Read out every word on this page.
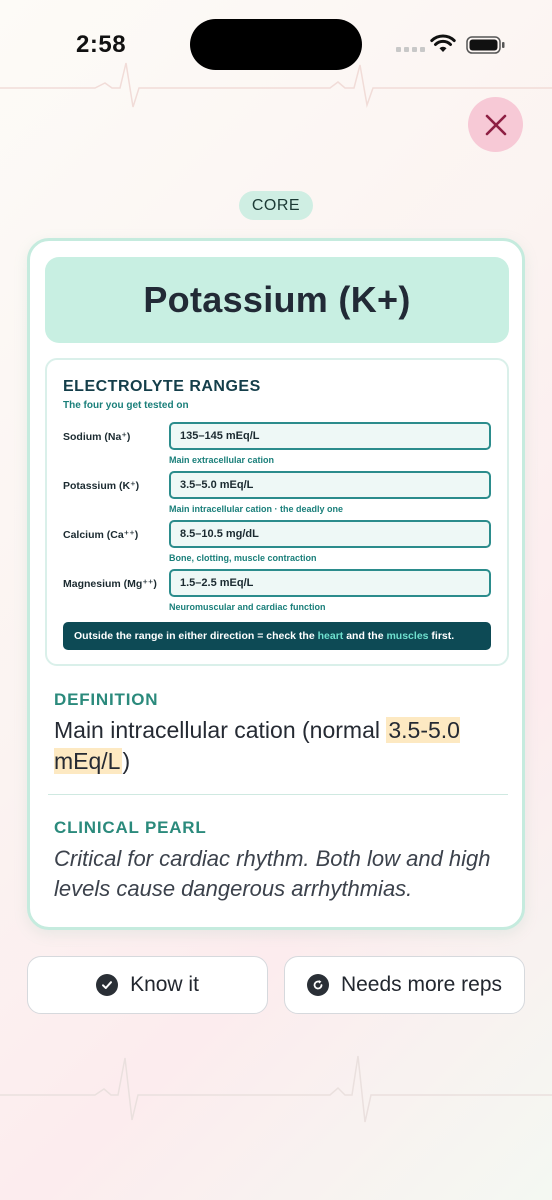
2:58
CORE
Potassium (K+)
ELECTROLYTE RANGES
The four you get tested on
Sodium (Na⁺)	135–145 mEq/L
Main extracellular cation
Potassium (K⁺)	3.5–5.0 mEq/L
Main intracellular cation · the deadly one
Calcium (Ca⁺⁺)	8.5–10.5 mg/dL
Bone, clotting, muscle contraction
Magnesium (Mg⁺⁺)	1.5–2.5 mEq/L
Neuromuscular and cardiac function
Outside the range in either direction = check the heart and the muscles first.
DEFINITION
Main intracellular cation (normal 3.5-5.0 mEq/L)
CLINICAL PEARL
Critical for cardiac rhythm. Both low and high levels cause dangerous arrhythmias.
Know it	Needs more reps
